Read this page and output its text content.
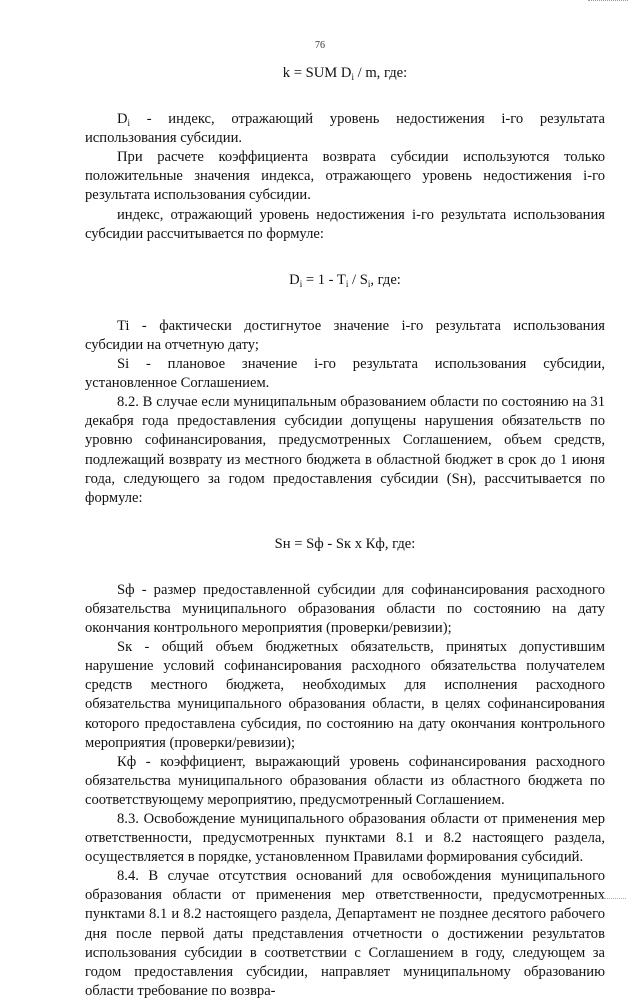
76

k = SUM $D_i$ / m, где:

$D_i$ - индекс, отражающий уровень недостижения i-го результата использования субсидии.

При расчете коэффициента возврата субсидии используются только положительные значения индекса, отражающего уровень недостижения i-го результата использования субсидии.

индекс, отражающий уровень недостижения i-го результата использования субсидии рассчитывается по формуле:

$D_i = 1 - T_i / S_i$, где:

Ti - фактически достигнутое значение i-го результата использования субсидии на отчетную дату;

Si - плановое значение i-го результата использования субсидии, установленное Соглашением.

8.2. В случае если муниципальным образованием области по состоянию на 31 декабря года предоставления субсидии допущены нарушения обязательств по уровню софинансирования, предусмотренных Соглашением, объем средств, подлежащий возврату из местного бюджета в областной бюджет в срок до 1 июня года, следующего за годом предоставления субсидии (Sн), рассчитывается по формуле:

Sн = Sф - Sк х Кф, где:

Sф - размер предоставленной субсидии для софинансирования расходного обязательства муниципального образования области по состоянию на дату окончания контрольного мероприятия (проверки/ревизии);

Sк - общий объем бюджетных обязательств, принятых допустившим нарушение условий софинансирования расходного обязательства получателем средств местного бюджета, необходимых для исполнения расходного обязательства муниципального образования области, в целях софинансирования которого предоставлена субсидия, по состоянию на дату окончания контрольного мероприятия (проверки/ревизии);

Кф - коэффициент, выражающий уровень софинансирования расходного обязательства муниципального образования области из областного бюджета по соответствующему мероприятию, предусмотренный Соглашением.

8.3. Освобождение муниципального образования области от применения мер ответственности, предусмотренных пунктами 8.1 и 8.2 настоящего раздела, осуществляется в порядке, установленном Правилами формирования субсидий.

8.4. В случае отсутствия оснований для освобождения муниципального образования области от применения мер ответственности, предусмотренных пунктами 8.1 и 8.2 настоящего раздела, Департамент не позднее десятого рабочего дня после первой даты представления отчетности о достижении результатов использования субсидии в соответствии с Соглашением в году, следующем за годом предоставления субсидии, направляет муниципальному образованию области требование по возвра-
